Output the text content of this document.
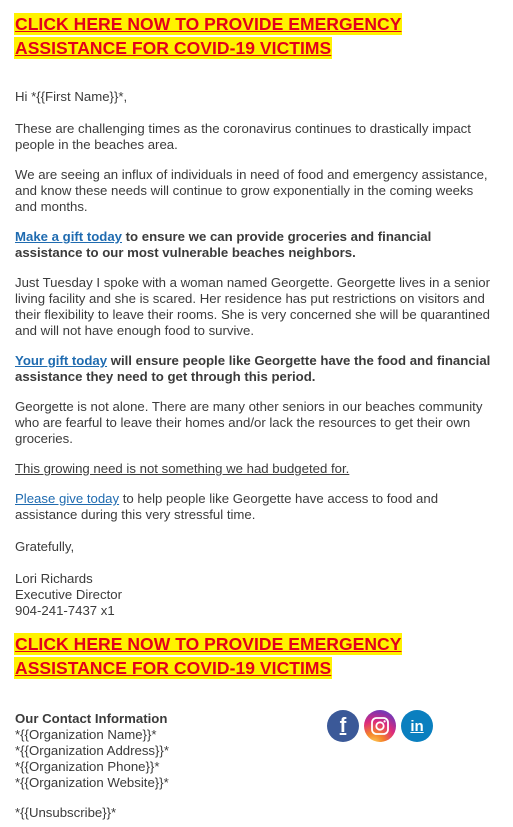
CLICK HERE NOW TO PROVIDE EMERGENCY
ASSISTANCE FOR COVID-19 VICTIMS

Hi *{{First Name}}*,

These are challenging times as the coronavirus continues to drastically impact people in the beaches area.

We are seeing an influx of individuals in need of food and emergency assistance, and know these needs will continue to grow exponentially in the coming weeks and months.

Make a gift today to ensure we can provide groceries and financial assistance to our most vulnerable beaches neighbors.

Just Tuesday I spoke with a woman named Georgette. Georgette lives in a senior living facility and she is scared. Her residence has put restrictions on visitors and their flexibility to leave their rooms. She is very concerned she will be quarantined and will not have enough food to survive.

Your gift today will ensure people like Georgette have the food and financial assistance they need to get through this period.

Georgette is not alone. There are many other seniors in our beaches community who are fearful to leave their homes and/or lack the resources to get their own groceries.

This growing need is not something we had budgeted for.

Please give today to help people like Georgette have access to food and assistance during this very stressful time.

Gratefully,

Lori Richards
Executive Director
904-241-7437 x1
CLICK HERE NOW TO PROVIDE EMERGENCY
ASSISTANCE FOR COVID-19 VICTIMS
Our Contact Information
*{{Organization Name}}*
*{{Organization Address}}*
*{{Organization Phone}}*
*{{Organization Website}}*
f	in

*{{Unsubscribe}}*
